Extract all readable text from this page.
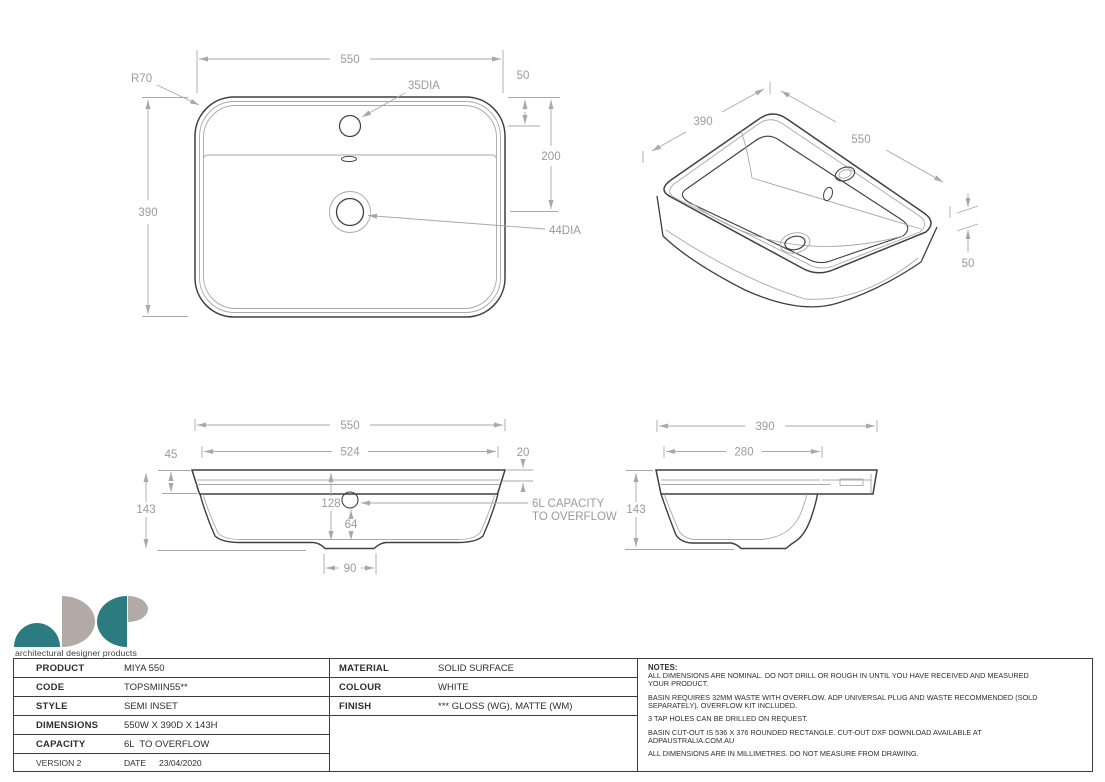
550
390
R70
35DIA
50
200
44DIA
390
550
50
550
524
45	20
143	128
64
90
6L CAPACITY
TO OVERFLOW
390
280
143
architectural designer products
PRODUCT	MIYA 550
CODE	TOPSMIIN55**
STYLE	SEMI INSET
DIMENSIONS	550W X 390D X 143H
CAPACITY	6L  TO OVERFLOW
VERSION 2	DATE	23/04/2020
MATERIAL	SOLID SURFACE
COLOUR	WHITE
FINISH	*** GLOSS (WG), MATTE (WM)
NOTES:

ALL DIMENSIONS ARE NOMINAL. DO NOT DRILL OR ROUGH IN UNTIL YOU HAVE RECEIVED AND MEASURED YOUR PRODUCT.

BASIN REQUIRES 32MM WASTE WITH OVERFLOW. ADP UNIVERSAL PLUG AND WASTE RECOMMENDED (SOLD SEPARATELY). OVERFLOW KIT INCLUDED.

3 TAP HOLES CAN BE DRILLED ON REQUEST.

BASIN CUT-OUT IS 536 X 376 ROUNDED RECTANGLE. CUT-OUT DXF DOWNLOAD AVAILABLE AT ADPAUSTRALIA.COM.AU

ALL DIMENSIONS ARE IN MILLIMETRES. DO NOT MEASURE FROM DRAWING.
